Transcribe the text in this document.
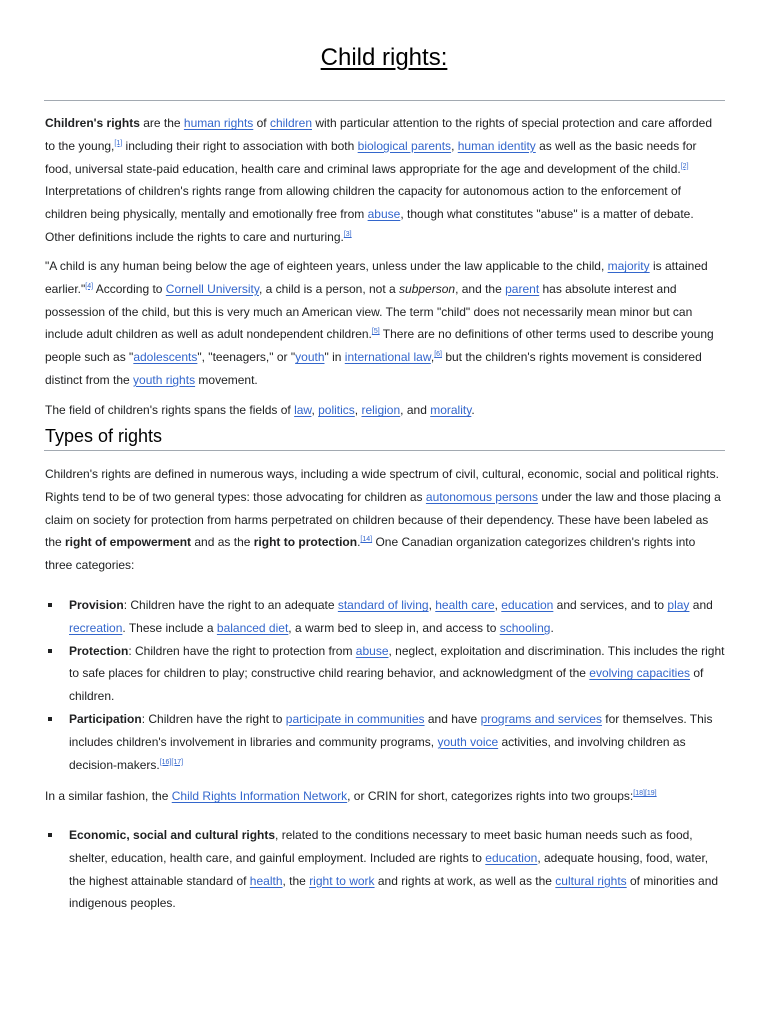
Child rights:

Children's rights are the human rights of children with particular attention to the rights of special protection and care afforded to the young,[1] including their right to association with both biological parents, human identity as well as the basic needs for food, universal state-paid education, health care and criminal laws appropriate for the age and development of the child.[2] Interpretations of children's rights range from allowing children the capacity for autonomous action to the enforcement of children being physically, mentally and emotionally free from abuse, though what constitutes "abuse" is a matter of debate. Other definitions include the rights to care and nurturing.[3]

"A child is any human being below the age of eighteen years, unless under the law applicable to the child, majority is attained earlier."[4] According to Cornell University, a child is a person, not a subperson, and the parent has absolute interest and possession of the child, but this is very much an American view. The term "child" does not necessarily mean minor but can include adult children as well as adult nondependent children.[5] There are no definitions of other terms used to describe young people such as "adolescents", "teenagers," or "youth" in international law,[6] but the children's rights movement is considered distinct from the youth rights movement.

The field of children's rights spans the fields of law, politics, religion, and morality.

Types of rights

Children's rights are defined in numerous ways, including a wide spectrum of civil, cultural, economic, social and political rights. Rights tend to be of two general types: those advocating for children as autonomous persons under the law and those placing a claim on society for protection from harms perpetrated on children because of their dependency. These have been labeled as the right of empowerment and as the right to protection.[14] One Canadian organization categorizes children's rights into three categories:

Provision: Children have the right to an adequate standard of living, health care, education and services, and to play and recreation. These include a balanced diet, a warm bed to sleep in, and access to schooling.
Protection: Children have the right to protection from abuse, neglect, exploitation and discrimination. This includes the right to safe places for children to play; constructive child rearing behavior, and acknowledgment of the evolving capacities of children.
Participation: Children have the right to participate in communities and have programs and services for themselves. This includes children's involvement in libraries and community programs, youth voice activities, and involving children as decision-makers.[16][17]

In a similar fashion, the Child Rights Information Network, or CRIN for short, categorizes rights into two groups:[18][19]

Economic, social and cultural rights, related to the conditions necessary to meet basic human needs such as food, shelter, education, health care, and gainful employment. Included are rights to education, adequate housing, food, water, the highest attainable standard of health, the right to work and rights at work, as well as the cultural rights of minorities and indigenous peoples.
